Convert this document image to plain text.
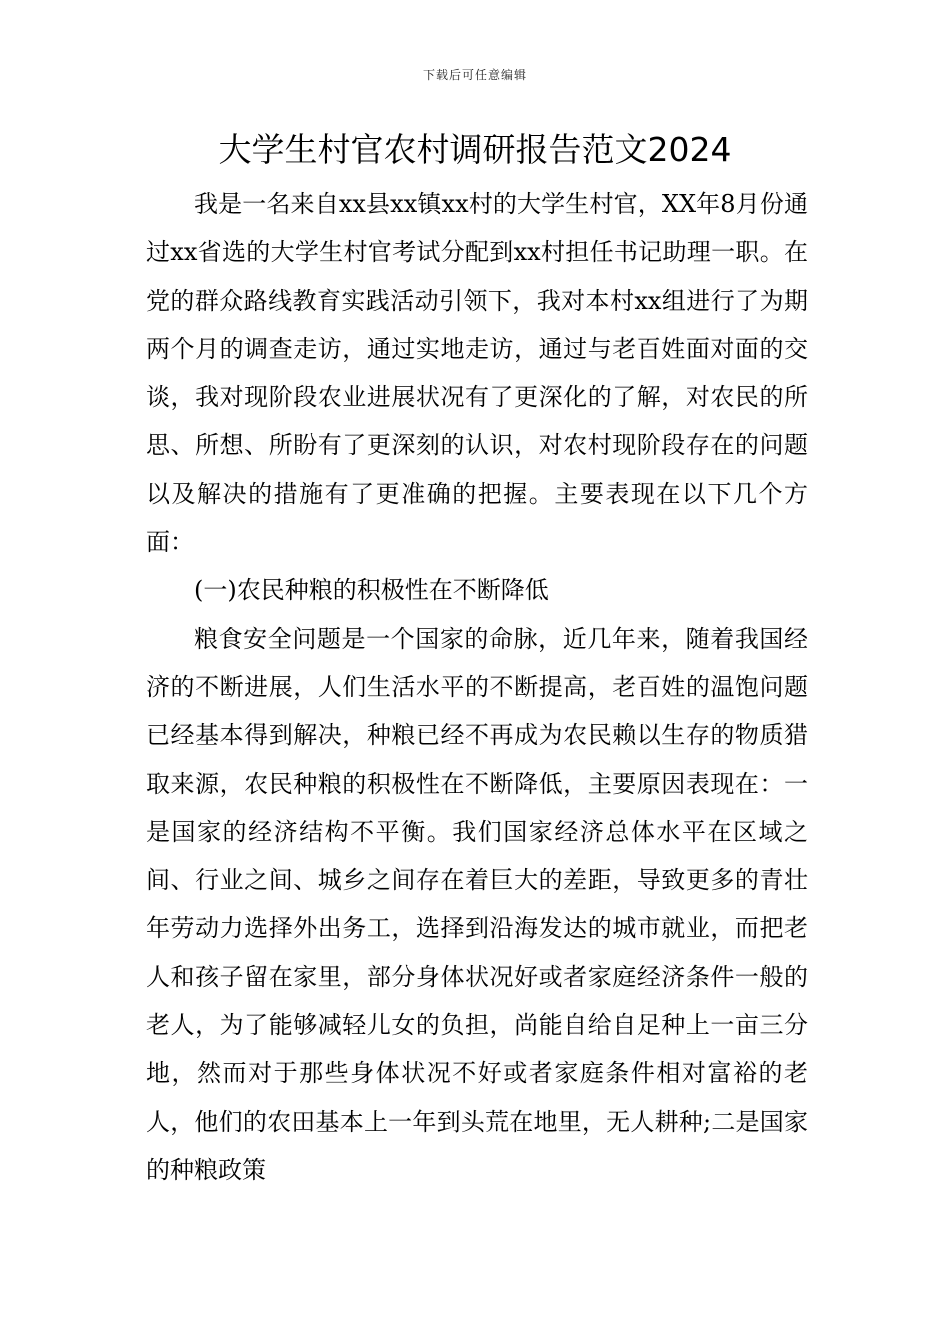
下载后可任意编辑
大学生村官农村调研报告范文2024

我是一名来自xx县xx镇xx村的大学生村官，XX年8月份通过xx省选的大学生村官考试分配到xx村担任书记助理一职。在党的群众路线教育实践活动引领下，我对本村xx组进行了为期两个月的调查走访，通过实地走访，通过与老百姓面对面的交谈，我对现阶段农业进展状况有了更深化的了解，对农民的所思、所想、所盼有了更深刻的认识，对农村现阶段存在的问题以及解决的措施有了更准确的把握。主要表现在以下几个方面：

(一)农民种粮的积极性在不断降低

粮食安全问题是一个国家的命脉，近几年来，随着我国经济的不断进展，人们生活水平的不断提高，老百姓的温饱问题已经基本得到解决，种粮已经不再成为农民赖以生存的物质猎取来源，农民种粮的积极性在不断降低，主要原因表现在：一是国家的经济结构不平衡。我们国家经济总体水平在区域之间、行业之间、城乡之间存在着巨大的差距，导致更多的青壮年劳动力选择外出务工，选择到沿海发达的城市就业，而把老人和孩子留在家里，部分身体状况好或者家庭经济条件一般的老人，为了能够减轻儿女的负担，尚能自给自足种上一亩三分地，然而对于那些身体状况不好或者家庭条件相对富裕的老人，他们的农田基本上一年到头荒在地里，无人耕种;二是国家的种粮政策
